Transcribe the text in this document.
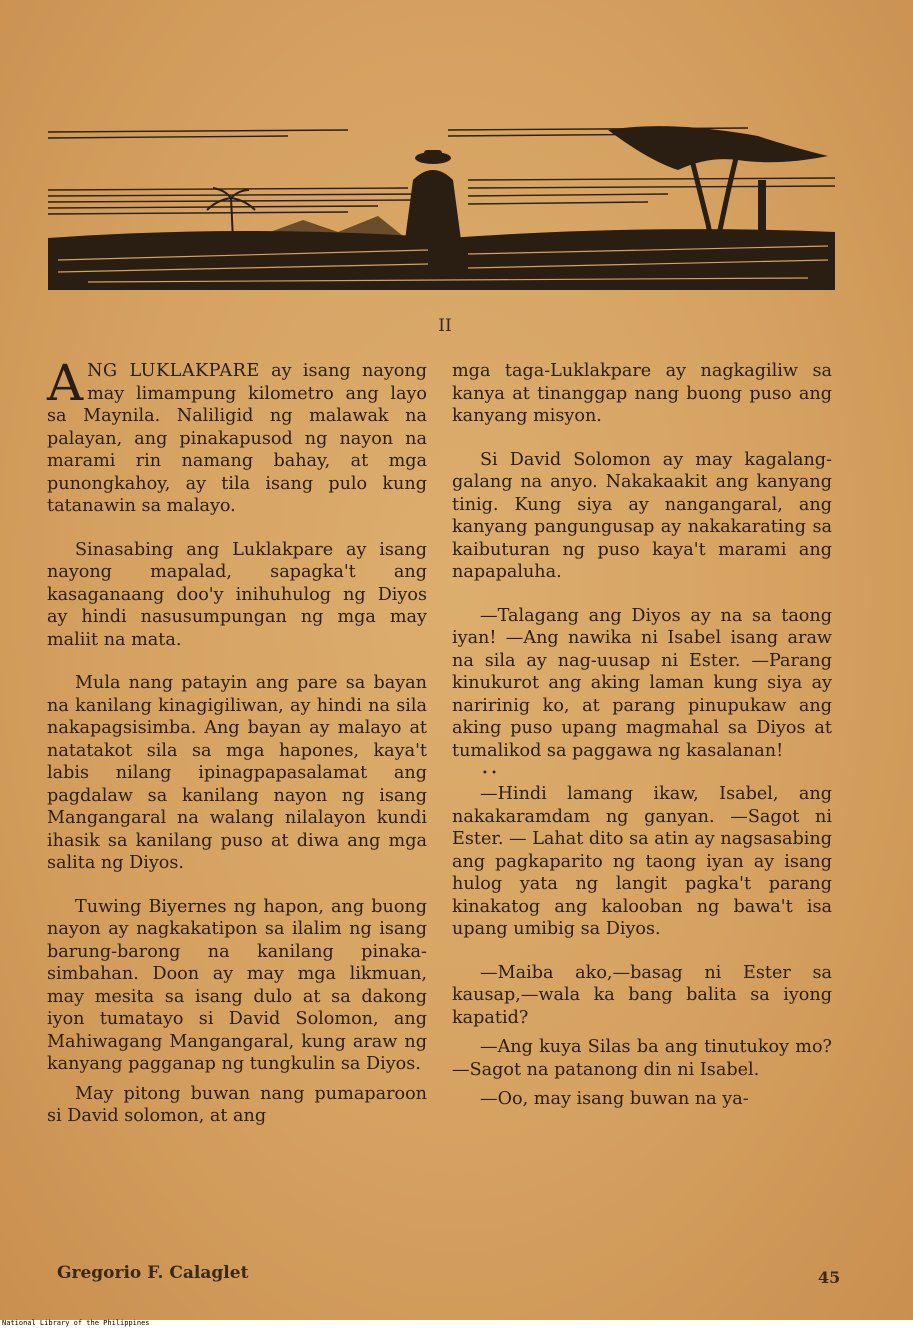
II

ANG LUKLAKPARE ay isang nayong may limampung kilometro ang layo sa Maynila. Naliligid ng malawak na palayan, ang pinakapusod ng nayon na marami rin namang bahay, at mga punongkahoy, ay tila isang pulo kung tatanawin sa malayo.

Sinasabing ang Luklakpare ay isang nayong mapalad, sapagka't ang kasaganaang doo'y inihuhulog ng Diyos ay hindi nasusumpungan ng mga may maliit na mata.

Mula nang patayin ang pare sa bayan na kanilang kinagigiliwan, ay hindi na sila nakapagsisimba. Ang bayan ay malayo at natatakot sila sa mga hapones, kaya't labis nilang ipinagpapasalamat ang pagdalaw sa kanilang nayon ng isang Mangangaral na walang nilalayon kundi ihasik sa kanilang puso at diwa ang mga salita ng Diyos.

Tuwing Biyernes ng hapon, ang buong nayon ay nagkakatipon sa ilalim ng isang barung-barong na kanilang pinaka-simbahan. Doon ay may mga likmuan, may mesita sa isang dulo at sa dakong iyon tumatayo si David Solomon, ang Mahiwagang Mangangaral, kung araw ng kanyang pagganap ng tungkulin sa Diyos.

May pitong buwan nang pumaparoon si David solomon, at ang

mga taga-Luklakpare ay nagkagiliw sa kanya at tinanggap nang buong puso ang kanyang misyon.

Si David Solomon ay may kagalang-galang na anyo. Nakakaakit ang kanyang tinig. Kung siya ay nangangaral, ang kanyang pangungusap ay nakakarating sa kaibuturan ng puso kaya't marami ang napapaluha.

—Talagang ang Diyos ay na sa taong iyan! —Ang nawika ni Isabel isang araw na sila ay nag-uusap ni Ester. —Parang kinukurot ang aking laman kung siya ay naririnig ko, at parang pinupukaw ang aking puso upang magmahal sa Diyos at tumalikod sa paggawa ng kasalanan!

• •

—Hindi lamang ikaw, Isabel, ang nakakaramdam ng ganyan. —Sagot ni Ester. — Lahat dito sa atin ay nagsasabing ang pagkaparito ng taong iyan ay isang hulog yata ng langit pagka't parang kinakatog ang kalooban ng bawa't isa upang umibig sa Diyos.

—Maiba ako,—basag ni Ester sa kausap,—wala ka bang balita sa iyong kapatid?

—Ang kuya Silas ba ang tinutukoy mo?—Sagot na patanong din ni Isabel.

—Oo, may isang buwan na ya-

Gregorio F. Calaglet	45
National Library of the Philippines
